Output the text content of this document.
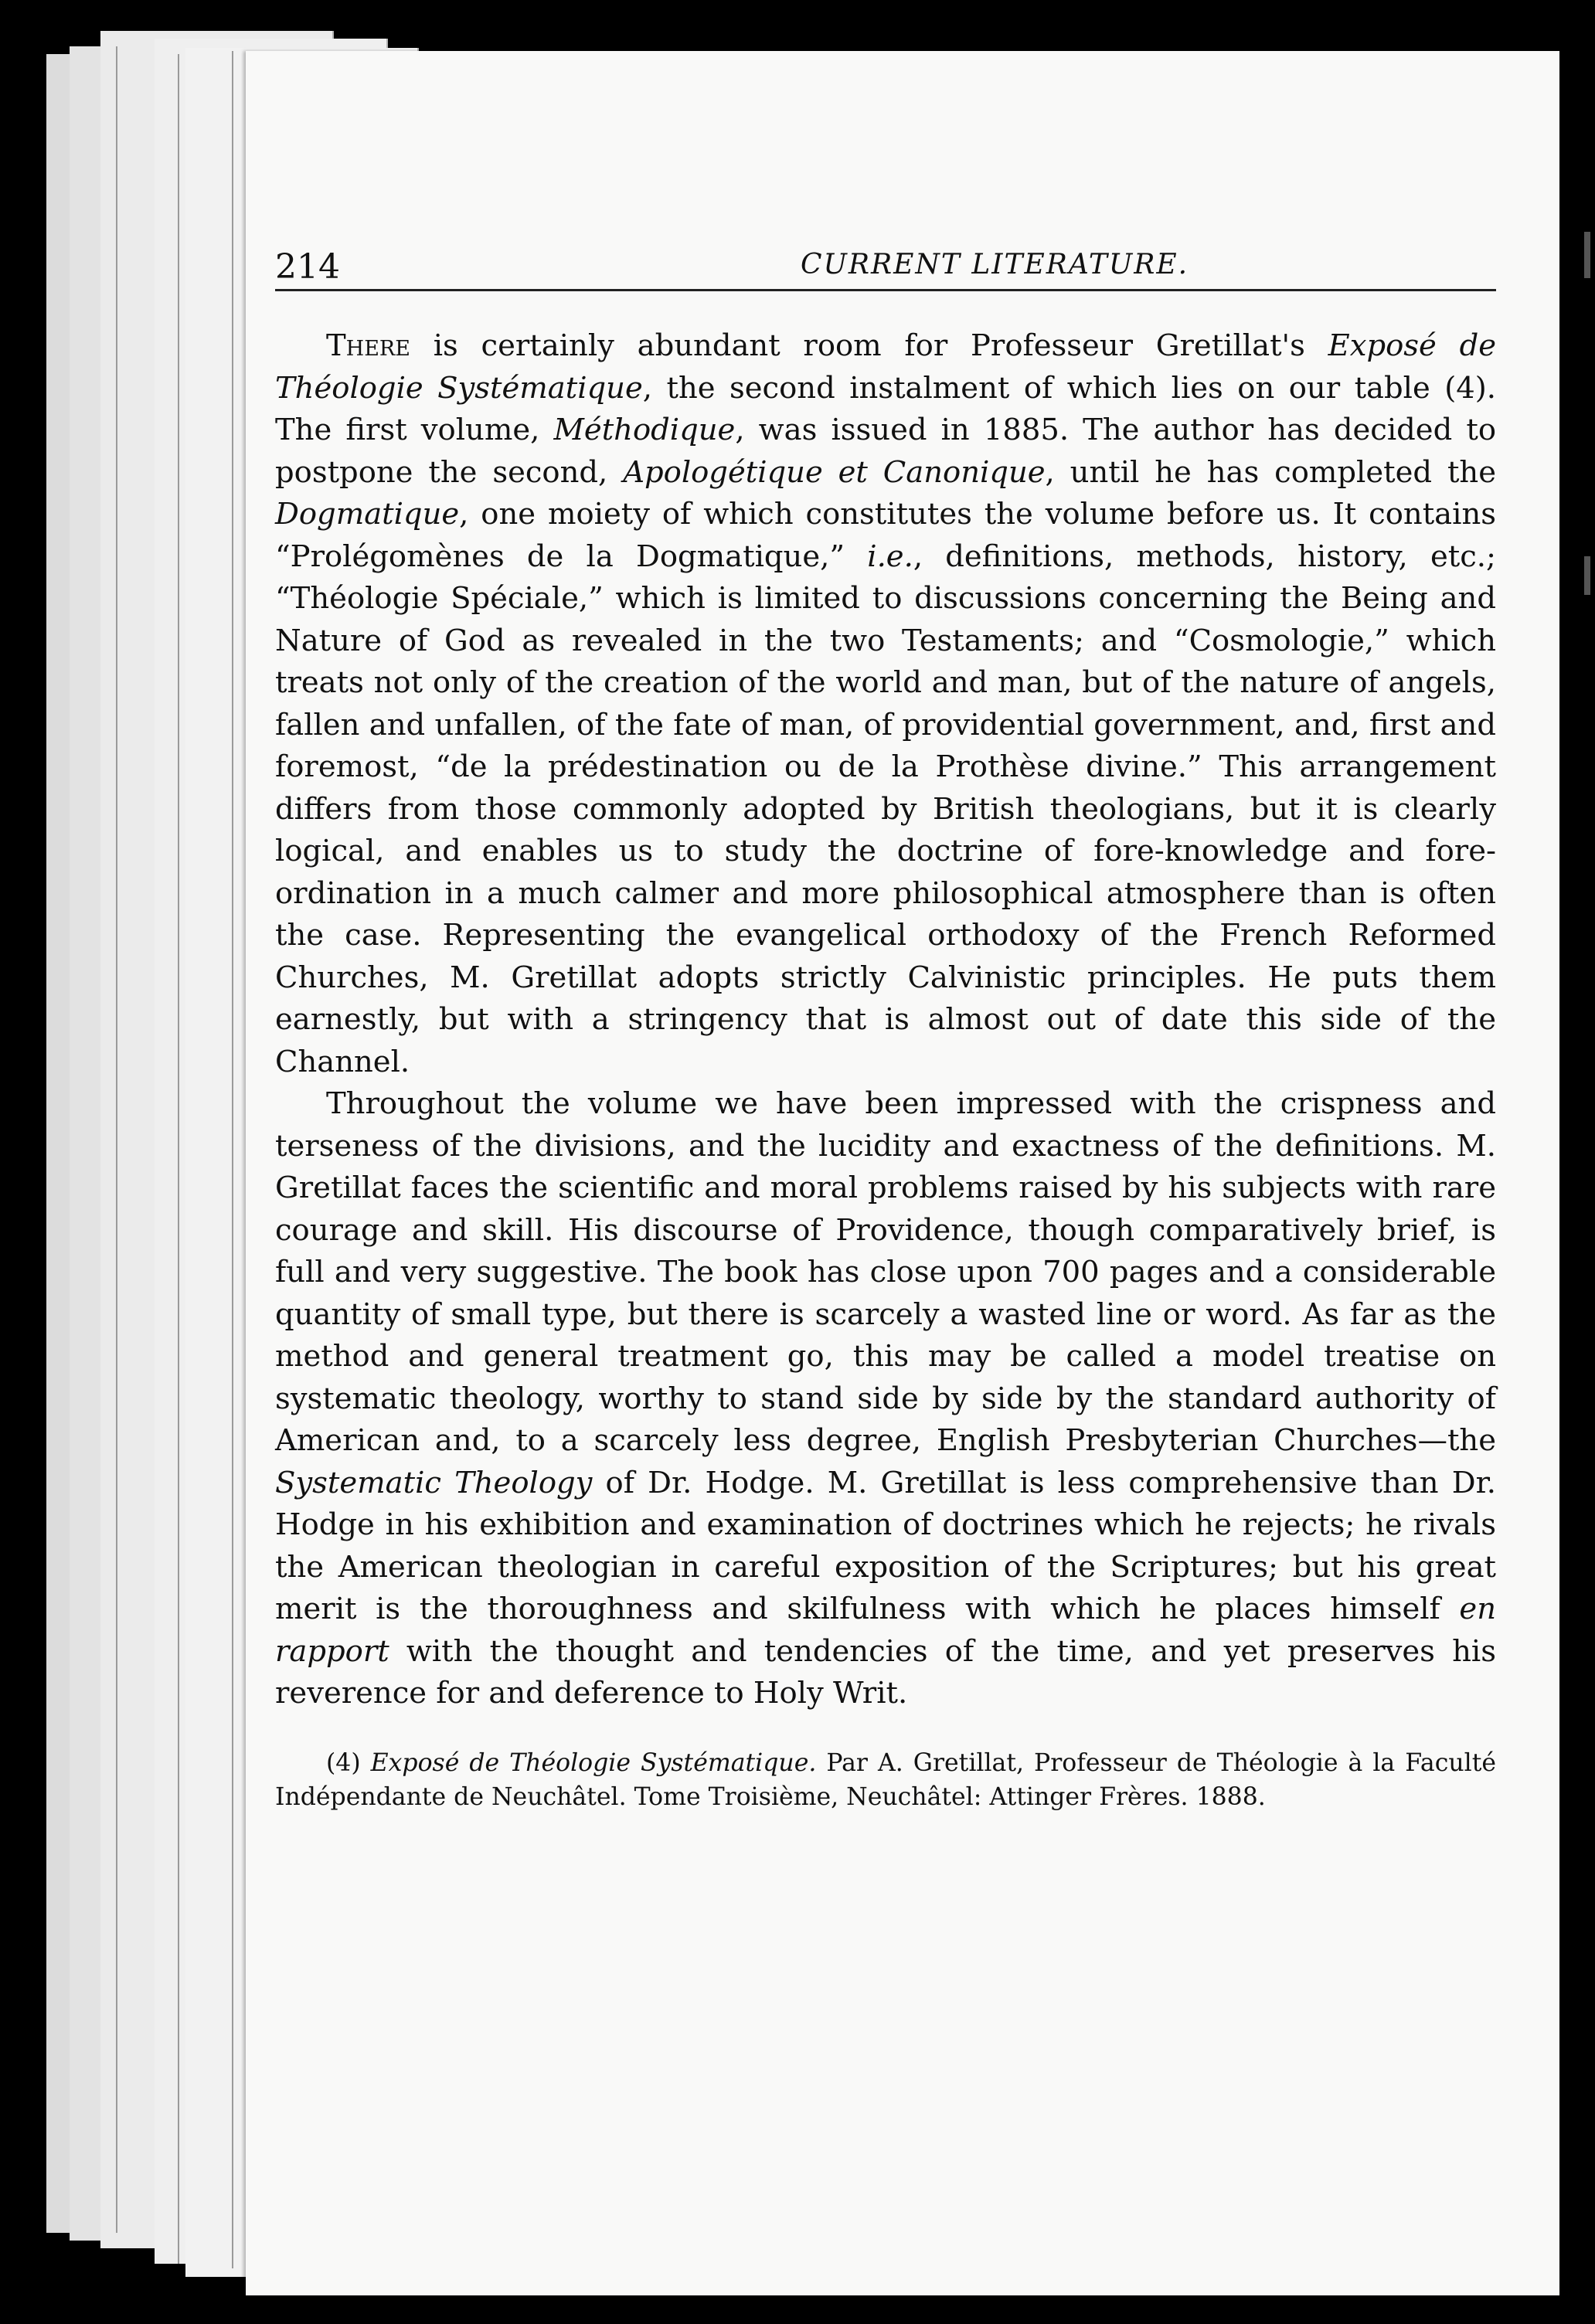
214	CURRENT LITERATURE.

There is certainly abundant room for Professeur Gretillat's Exposé de Théologie Systématique, the second instalment of which lies on our table (4). The first volume, Méthodique, was issued in 1885. The author has decided to postpone the second, Apologétique et Canonique, until he has completed the Dogmatique, one moiety of which constitutes the volume before us. It contains “Prolégomènes de la Dogmatique,” i.e., definitions, methods, history, etc.; “Théologie Spéciale,” which is limited to discussions concerning the Being and Nature of God as revealed in the two Testaments; and “Cosmologie,” which treats not only of the creation of the world and man, but of the nature of angels, fallen and unfallen, of the fate of man, of providential government, and, first and foremost, “de la prédestination ou de la Prothèse divine.” This arrangement differs from those commonly adopted by British theologians, but it is clearly logical, and enables us to study the doctrine of fore-knowledge and fore-ordination in a much calmer and more philosophical atmosphere than is often the case. Representing the evangelical orthodoxy of the French Reformed Churches, M. Gretillat adopts strictly Calvinistic principles. He puts them earnestly, but with a stringency that is almost out of date this side of the Channel.

Throughout the volume we have been impressed with the crispness and terseness of the divisions, and the lucidity and exactness of the definitions. M. Gretillat faces the scientific and moral problems raised by his subjects with rare courage and skill. His discourse of Providence, though comparatively brief, is full and very suggestive. The book has close upon 700 pages and a considerable quantity of small type, but there is scarcely a wasted line or word. As far as the method and general treatment go, this may be called a model treatise on systematic theology, worthy to stand side by side by the standard authority of American and, to a scarcely less degree, English Presbyterian Churches—the Systematic Theology of Dr. Hodge. M. Gretillat is less comprehensive than Dr. Hodge in his exhibition and examination of doctrines which he rejects; he rivals the American theologian in careful exposition of the Scriptures; but his great merit is the thoroughness and skilfulness with which he places himself en rapport with the thought and tendencies of the time, and yet preserves his reverence for and deference to Holy Writ.

(4) Exposé de Théologie Systématique. Par A. Gretillat, Professeur de Théologie à la Faculté Indépendante de Neuchâtel. Tome Troisième, Neuchâtel: Attinger Frères. 1888.
